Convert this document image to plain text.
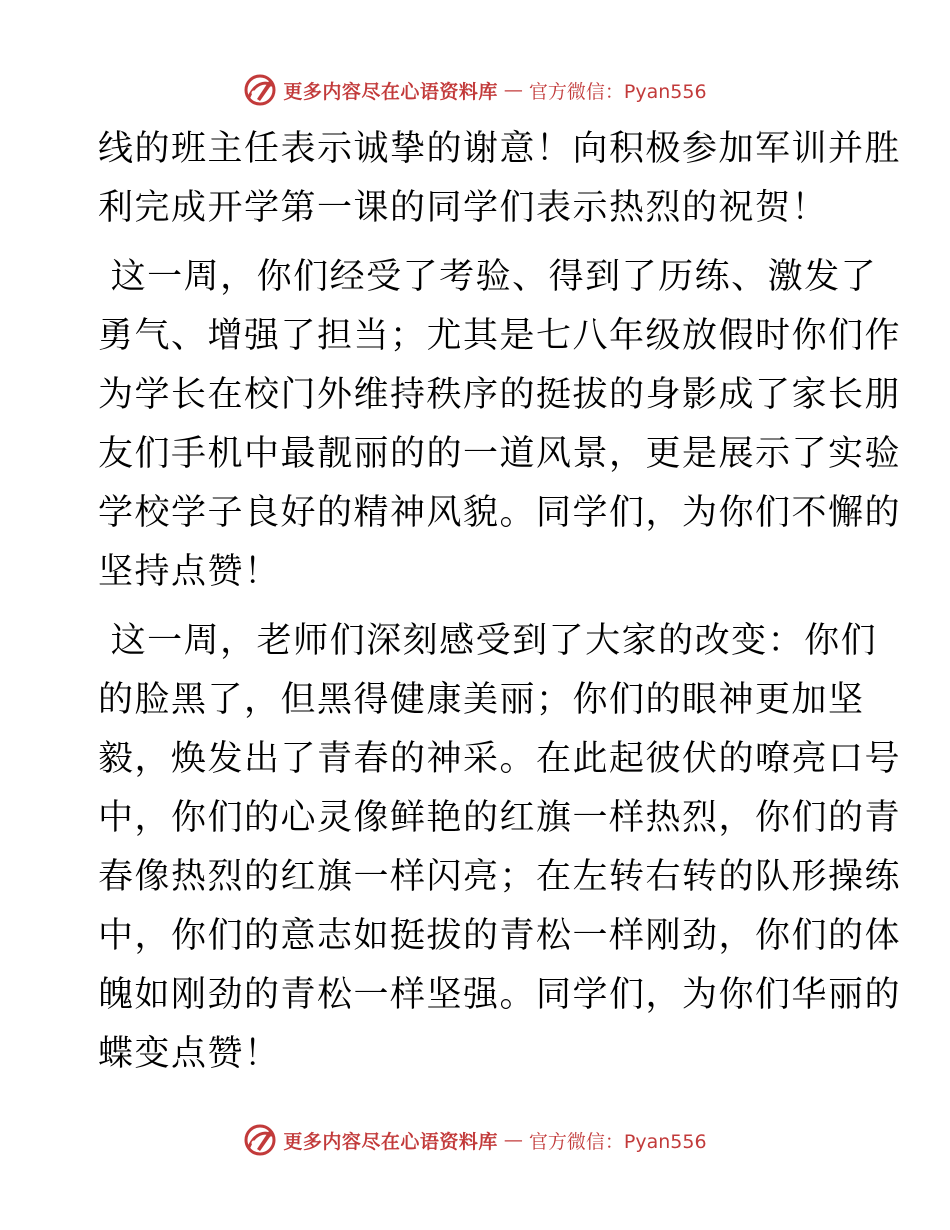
更多内容尽在心语资料库 — 官方微信：Pyan556
线的班主任表示诚挚的谢意！向积极参加军训并胜
利完成开学第一课的同学们表示热烈的祝贺！
这一周，你们经受了考验、得到了历练、激发了
勇气、增强了担当；尤其是七八年级放假时你们作
为学长在校门外维持秩序的挺拔的身影成了家长朋
友们手机中最靓丽的的一道风景，更是展示了实验
学校学子良好的精神风貌。同学们，为你们不懈的
坚持点赞！
这一周，老师们深刻感受到了大家的改变：你们
的脸黑了，但黑得健康美丽；你们的眼神更加坚
毅，焕发出了青春的神采。在此起彼伏的嘹亮口号
中，你们的心灵像鲜艳的红旗一样热烈，你们的青
春像热烈的红旗一样闪亮；在左转右转的队形操练
中，你们的意志如挺拔的青松一样刚劲，你们的体
魄如刚劲的青松一样坚强。同学们，为你们华丽的
蝶变点赞！
更多内容尽在心语资料库 — 官方微信：Pyan556
